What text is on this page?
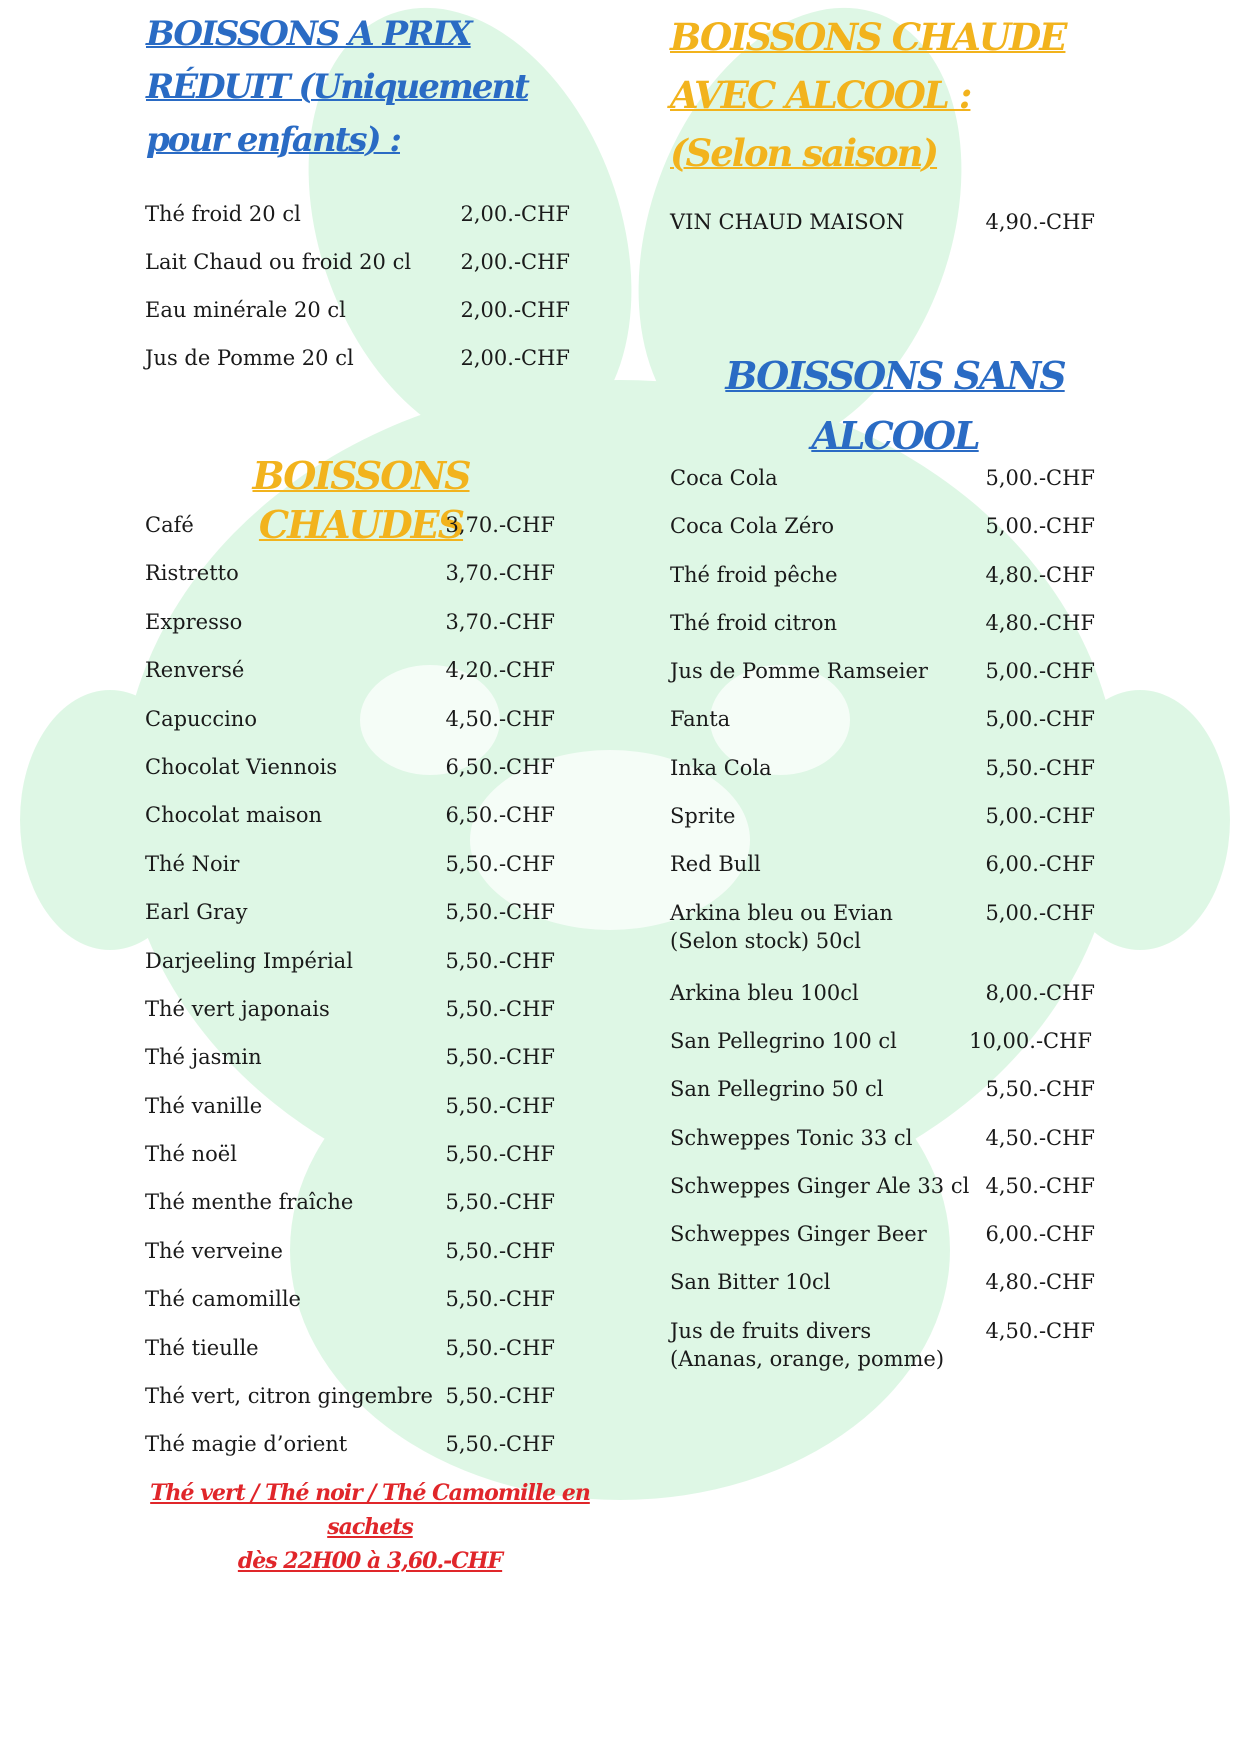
BOISSONS A PRIX RÉDUIT (Uniquement pour enfants) :
Thé froid 20 cl	2,00.-CHF
Lait Chaud ou froid 20 cl	2,00.-CHF
Eau minérale 20 cl	2,00.-CHF
Jus de Pomme 20 cl	2,00.-CHF
BOISSONS CHAUDE
AVEC ALCOOL :
(Selon saison)
VIN CHAUD MAISON	4,90.-CHF
BOISSONS SANS
ALCOOL
Coca Cola	5,00.-CHF
Coca Cola Zéro	5,00.-CHF
Thé froid pêche	4,80.-CHF
Thé froid citron	4,80.-CHF
Jus de Pomme Ramseier	5,00.-CHF
Fanta	5,00.-CHF
Inka Cola	5,50.-CHF
Sprite	5,00.-CHF
Red Bull	6,00.-CHF
Arkina bleu ou Evian
(Selon stock) 50cl
5,00.-CHF
Arkina bleu 100cl	8,00.-CHF
San Pellegrino 100 cl	10,00.-CHF
San Pellegrino 50 cl	5,50.-CHF
Schweppes Tonic 33 cl	4,50.-CHF
Schweppes Ginger Ale 33 cl 4,50.-CHF
Schweppes Ginger Beer	6,00.-CHF
San Bitter 10cl	4,80.-CHF
Jus de fruits divers
(Ananas, orange, pomme)
4,50.-CHF
BOISSONS CHAUDES
Café	3,70.-CHF
Ristretto	3,70.-CHF
Expresso	3,70.-CHF
Renversé	4,20.-CHF
Capuccino	4,50.-CHF
Chocolat Viennois	6,50.-CHF
Chocolat maison	6,50.-CHF
Thé Noir	5,50.-CHF
Earl Gray	5,50.-CHF
Darjeeling Impérial	5,50.-CHF
Thé vert japonais	5,50.-CHF
Thé jasmin	5,50.-CHF
Thé vanille	5,50.-CHF
Thé noël	5,50.-CHF
Thé menthe fraîche	5,50.-CHF
Thé verveine	5,50.-CHF
Thé camomille	5,50.-CHF
Thé tieulle	5,50.-CHF
Thé vert, citron gingembre 5,50.-CHF
Thé magie d’orient	5,50.-CHF
Thé vert / Thé noir / Thé Camomille en
sachets
dès 22H00 à 3,60.-CHF
